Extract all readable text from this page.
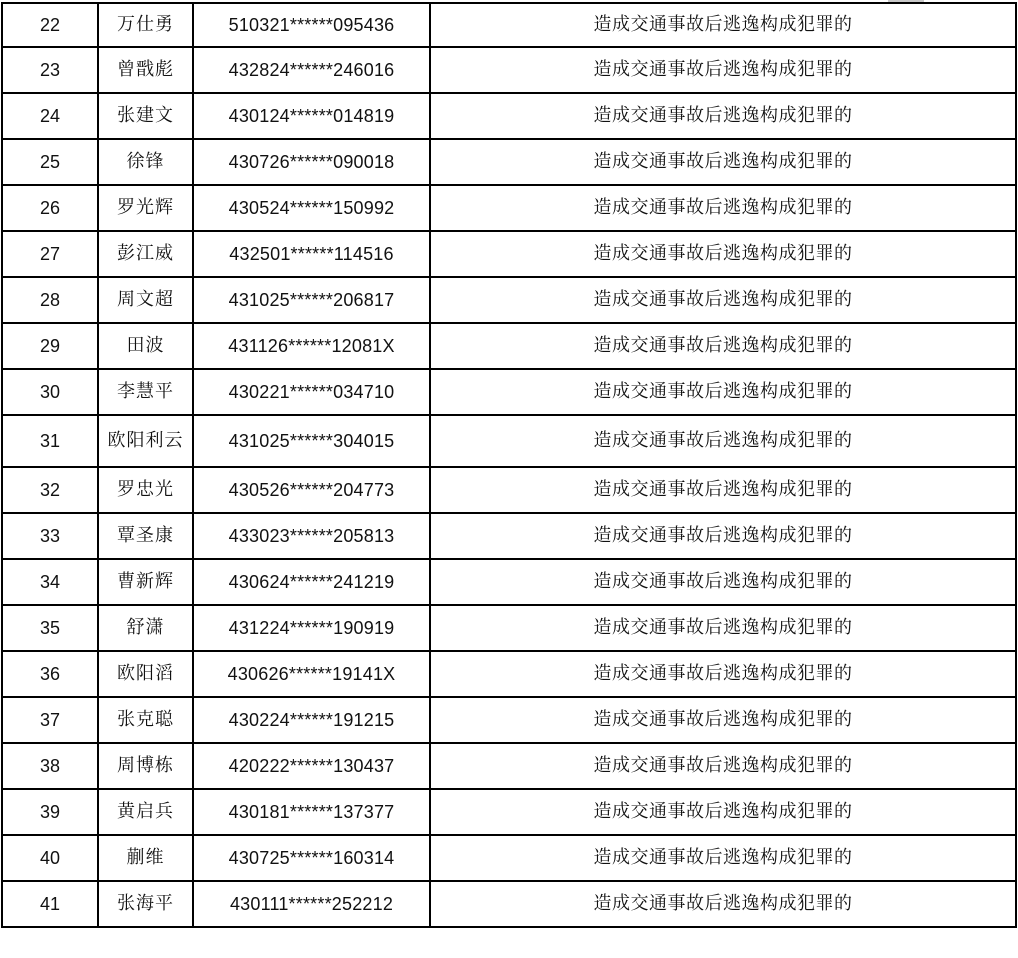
22	万仕勇	510321******095436	造成交通事故后逃逸构成犯罪的
23	曾戬彪	432824******246016	造成交通事故后逃逸构成犯罪的
24	张建文	430124******014819	造成交通事故后逃逸构成犯罪的
25	徐锋	430726******090018	造成交通事故后逃逸构成犯罪的
26	罗光辉	430524******150992	造成交通事故后逃逸构成犯罪的
27	彭江威	432501******114516	造成交通事故后逃逸构成犯罪的
28	周文超	431025******206817	造成交通事故后逃逸构成犯罪的
29	田波	431126******12081X	造成交通事故后逃逸构成犯罪的
30	李慧平	430221******034710	造成交通事故后逃逸构成犯罪的
31	欧阳利云	431025******304015	造成交通事故后逃逸构成犯罪的
32	罗忠光	430526******204773	造成交通事故后逃逸构成犯罪的
33	覃圣康	433023******205813	造成交通事故后逃逸构成犯罪的
34	曹新辉	430624******241219	造成交通事故后逃逸构成犯罪的
35	舒潇	431224******190919	造成交通事故后逃逸构成犯罪的
36	欧阳滔	430626******19141X	造成交通事故后逃逸构成犯罪的
37	张克聪	430224******191215	造成交通事故后逃逸构成犯罪的
38	周博栋	420222******130437	造成交通事故后逃逸构成犯罪的
39	黄启兵	430181******137377	造成交通事故后逃逸构成犯罪的
40	蒯维	430725******160314	造成交通事故后逃逸构成犯罪的
41	张海平	430111******252212	造成交通事故后逃逸构成犯罪的
